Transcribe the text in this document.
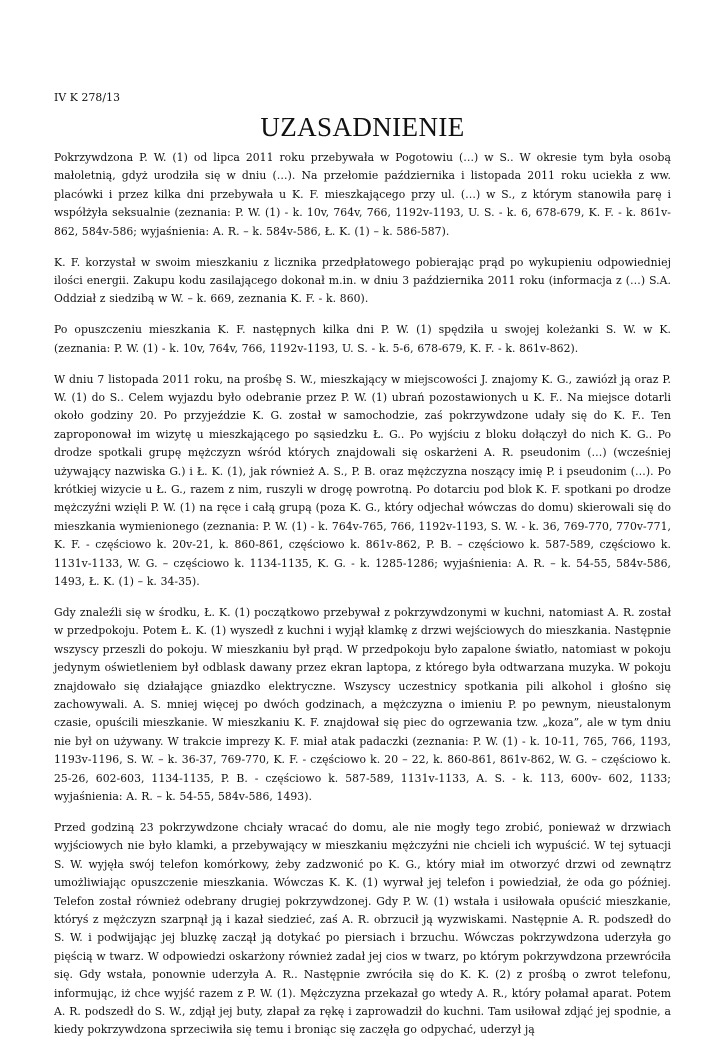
IV K 278/13
UZASADNIENIE

Pokrzywdzona P. W. (1) od lipca 2011 roku przebywała w Pogotowiu (…) w S.. W okresie tym była osobą małoletnią, gdyż urodziła się w dniu (…). Na przełomie października i listopada 2011 roku uciekła z ww. placówki i przez kilka dni przebywała u K. F. mieszkającego przy ul. (…) w S., z którym stanowiła parę i współżyła seksualnie (zeznania: P. W. (1) - k. 10v, 764v, 766, 1192v-1193, U. S. - k. 6, 678-679, K. F. - k. 861v-862, 584v-586; wyjaśnienia: A. R. – k. 584v-586, Ł. K. (1) – k. 586-587).

K. F. korzystał w swoim mieszkaniu z licznika przedpłatowego pobierając prąd po wykupieniu odpowiedniej ilości energii. Zakupu kodu zasilającego dokonał m.in. w dniu 3 października 2011 roku (informacja z (…) S.A. Oddział z siedzibą w W. – k. 669, zeznania K. F. - k. 860).

Po opuszczeniu mieszkania K. F. następnych kilka dni P. W. (1) spędziła u swojej koleżanki S. W. w K. (zeznania: P. W. (1) - k. 10v, 764v, 766, 1192v-1193, U. S. - k. 5-6, 678-679, K. F. - k. 861v-862).

W dniu 7 listopada 2011 roku, na prośbę S. W., mieszkający w miejscowości J. znajomy K. G., zawiózł ją oraz P. W. (1) do S.. Celem wyjazdu było odebranie przez P. W. (1) ubrań pozostawionych u K. F.. Na miejsce dotarli około godziny 20. Po przyjeździe K. G. został w samochodzie, zaś pokrzywdzone udały się do K. F.. Ten zaproponował im wizytę u mieszkającego po sąsiedzku Ł. G.. Po wyjściu z bloku dołączył do nich K. G.. Po drodze spotkali grupę mężczyzn wśród których znajdowali się oskarżeni A. R. pseudonim (…) (wcześniej używający nazwiska G.) i Ł. K. (1), jak również A. S., P. B. oraz mężczyzna noszący imię P. i pseudonim (…). Po krótkiej wizycie u Ł. G., razem z nim, ruszyli w drogę powrotną. Po dotarciu pod blok K. F. spotkani po drodze mężczyźni wzięli P. W. (1) na ręce i całą grupą (poza K. G., który odjechał wówczas do domu) skierowali się do mieszkania wymienionego (zeznania: P. W. (1) - k. 764v-765, 766, 1192v-1193, S. W. - k. 36, 769-770, 770v-771, K. F. - częściowo k. 20v-21, k. 860-861, częściowo k. 861v-862, P. B. – częściowo k. 587-589, częściowo k. 1131v-1133, W. G. – częściowo k. 1134-1135, K. G. - k. 1285-1286; wyjaśnienia: A. R. – k. 54-55, 584v-586, 1493, Ł. K. (1) – k. 34-35).

Gdy znaleźli się w środku, Ł. K. (1) początkowo przebywał z pokrzywdzonymi w kuchni, natomiast A. R. został w przedpokoju. Potem Ł. K. (1) wyszedł z kuchni i wyjął klamkę z drzwi wejściowych do mieszkania. Następnie wszyscy przeszli do pokoju. W mieszkaniu był prąd. W przedpokoju było zapalone światło, natomiast w pokoju jedynym oświetleniem był odblask dawany przez ekran laptopa, z którego była odtwarzana muzyka. W pokoju znajdowało się działające gniazdko elektryczne. Wszyscy uczestnicy spotkania pili alkohol i głośno się zachowywali. A. S. mniej więcej po dwóch godzinach, a mężczyzna o imieniu P. po pewnym, nieustalonym czasie, opuścili mieszkanie. W mieszkaniu K. F. znajdował się piec do ogrzewania tzw. „koza”, ale w tym dniu nie był on używany. W trakcie imprezy K. F. miał atak padaczki (zeznania: P. W. (1) - k. 10-11, 765, 766, 1193, 1193v-1196, S. W. – k. 36-37, 769-770, K. F. - częściowo k. 20 – 22, k. 860-861, 861v-862, W. G. – częściowo k. 25-26, 602-603, 1134-1135, P. B. - częściowo k. 587-589, 1131v-1133, A. S. - k. 113, 600v- 602, 1133; wyjaśnienia: A. R. – k. 54-55, 584v-586, 1493).

Przed godziną 23 pokrzywdzone chciały wracać do domu, ale nie mogły tego zrobić, ponieważ w drzwiach wyjściowych nie było klamki, a przebywający w mieszkaniu mężczyźni nie chcieli ich wypuścić. W tej sytuacji S. W. wyjęła swój telefon komórkowy, żeby zadzwonić po K. G., który miał im otworzyć drzwi od zewnątrz umożliwiając opuszczenie mieszkania. Wówczas K. K. (1) wyrwał jej telefon i powiedział, że oda go później. Telefon został również odebrany drugiej pokrzywdzonej. Gdy P. W. (1) wstała i usiłowała opuścić mieszkanie, któryś z mężczyzn szarpnął ją i kazał siedzieć, zaś A. R. obrzucił ją wyzwiskami. Następnie A. R. podszedł do S. W. i podwijając jej bluzkę zaczął ją dotykać po piersiach i brzuchu. Wówczas pokrzywdzona uderzyła go pięścią w twarz. W odpowiedzi oskarżony również zadał jej cios w twarz, po którym pokrzywdzona przewróciła się. Gdy wstała, ponownie uderzyła A. R.. Następnie zwróciła się do K. K. (2) z prośbą o zwrot telefonu, informując, iż chce wyjść razem z P. W. (1). Mężczyzna przekazał go wtedy A. R., który połamał aparat. Potem A. R. podszedł do S. W., zdjął jej buty, złapał za rękę i zaprowadził do kuchni. Tam usiłował zdjąć jej spodnie, a kiedy pokrzywdzona sprzeciwiła się temu i broniąc się zaczęła go odpychać, uderzył ją
